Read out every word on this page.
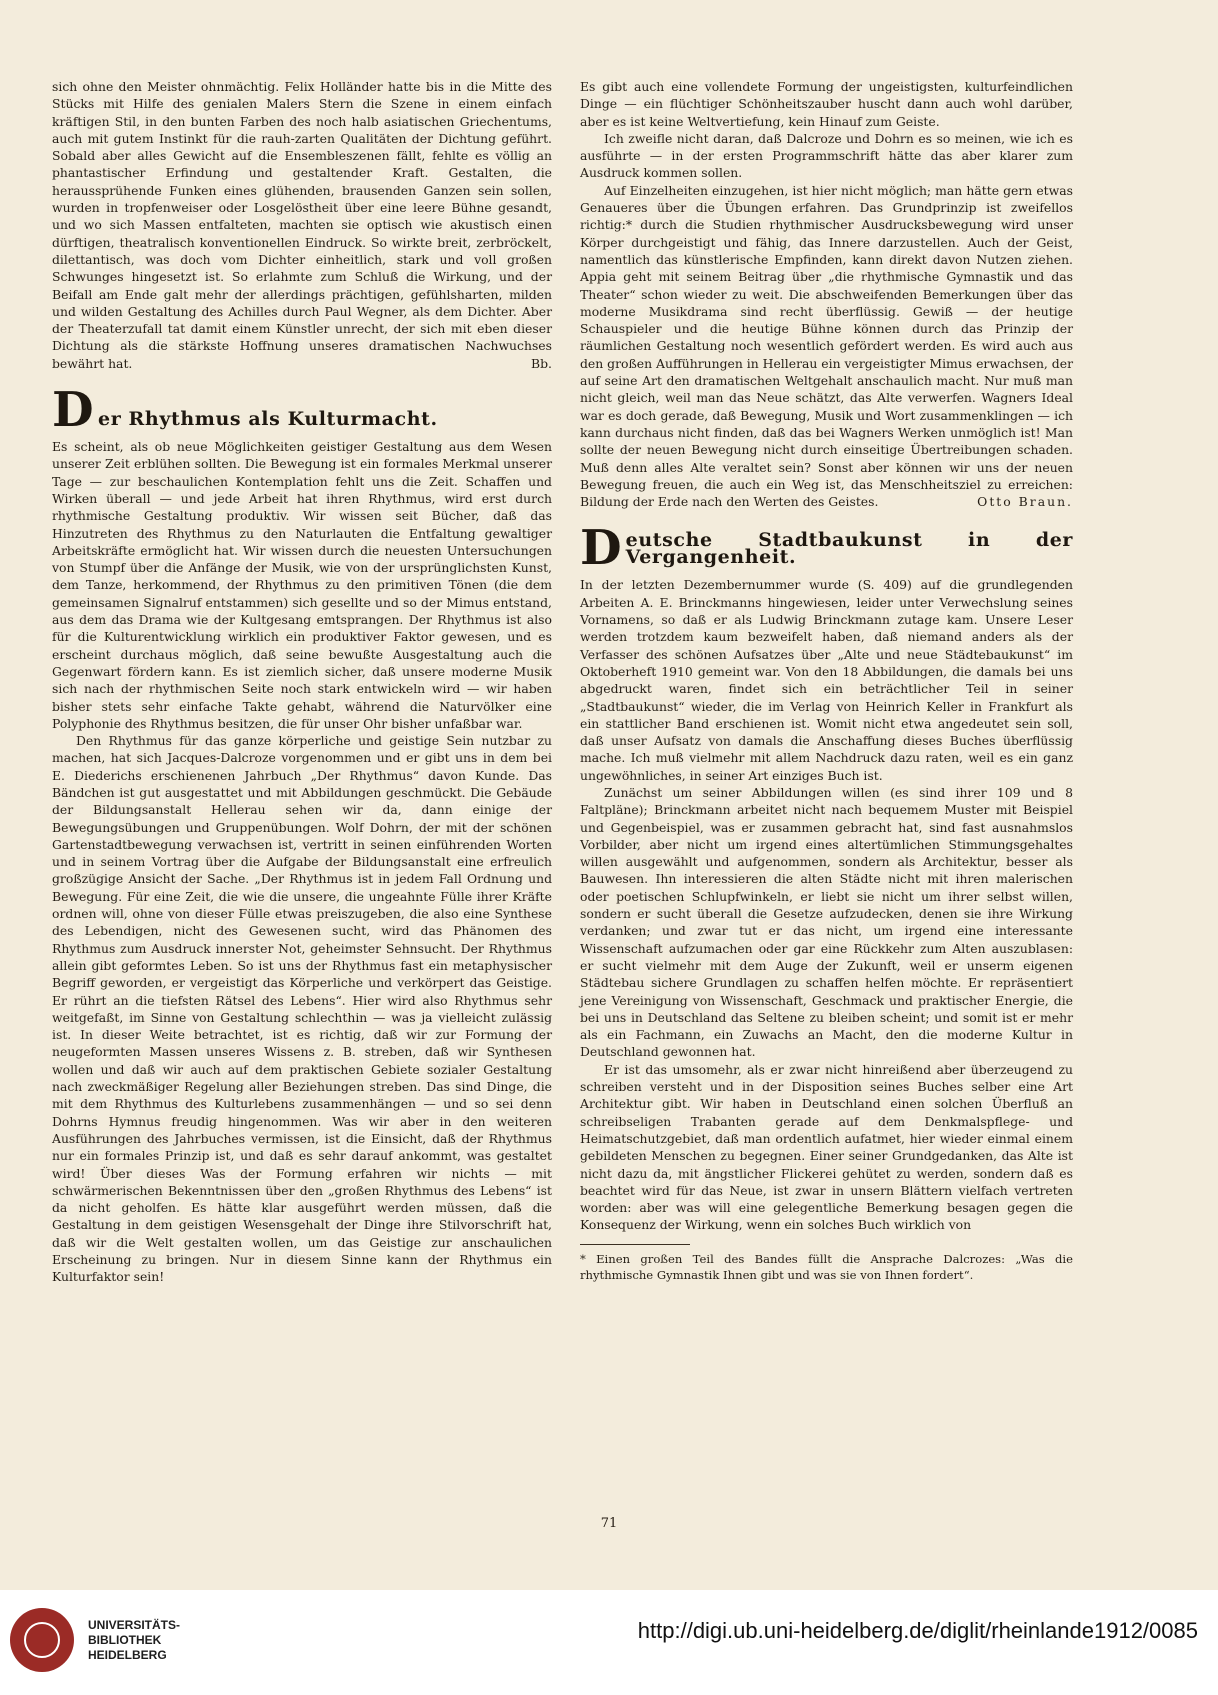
sich ohne den Meister ohnmächtig. Felix Holländer hatte bis in die Mitte des Stücks mit Hilfe des genialen Malers Stern die Szene in einem einfach kräftigen Stil, in den bunten Farben des noch halb asiatischen Griechentums, auch mit gutem Instinkt für die rauh-zarten Qualitäten der Dichtung geführt. Sobald aber alles Gewicht auf die Ensembleszenen fällt, fehlte es völlig an phantastischer Erfindung und gestaltender Kraft. Gestalten, die heraussprühende Funken eines glühenden, brausenden Ganzen sein sollen, wurden in tropfenweiser oder Losgelöstheit über eine leere Bühne gesandt, und wo sich Massen entfalteten, machten sie optisch wie akustisch einen dürftigen, theatralisch konventionellen Eindruck. So wirkte breit, zerbröckelt, dilettantisch, was doch vom Dichter einheitlich, stark und voll großen Schwunges hingesetzt ist. So erlahmte zum Schluß die Wirkung, und der Beifall am Ende galt mehr der allerdings prächtigen, gefühlsharten, milden und wilden Gestaltung des Achilles durch Paul Wegner, als dem Dichter. Aber der Theaterzufall tat damit einem Künstler unrecht, der sich mit eben dieser Dichtung als die stärkste Hoffnung unseres dramatischen Nachwuchses bewährt hat.	Bb.

D er Rhythmus als Kulturmacht.

Es scheint, als ob neue Möglichkeiten geistiger Gestaltung aus dem Wesen unserer Zeit erblühen sollten. Die Bewegung ist ein formales Merkmal unserer Tage — zur beschaulichen Kontemplation fehlt uns die Zeit. Schaffen und Wirken überall — und jede Arbeit hat ihren Rhythmus, wird erst durch rhythmische Gestaltung produktiv. Wir wissen seit Bücher, daß das Hinzutreten des Rhythmus zu den Naturlauten die Entfaltung gewaltiger Arbeitskräfte ermöglicht hat. Wir wissen durch die neuesten Untersuchungen von Stumpf über die Anfänge der Musik, wie von der ursprünglichsten Kunst, dem Tanze, herkommend, der Rhythmus zu den primitiven Tönen (die dem gemeinsamen Signalruf entstammen) sich gesellte und so der Mimus entstand, aus dem das Drama wie der Kultgesang emtsprangen. Der Rhythmus ist also für die Kulturentwicklung wirklich ein produktiver Faktor gewesen, und es erscheint durchaus möglich, daß seine bewußte Ausgestaltung auch die Gegenwart fördern kann. Es ist ziemlich sicher, daß unsere moderne Musik sich nach der rhythmischen Seite noch stark entwickeln wird — wir haben bisher stets sehr einfache Takte gehabt, während die Naturvölker eine Polyphonie des Rhythmus besitzen, die für unser Ohr bisher unfaßbar war.

Den Rhythmus für das ganze körperliche und geistige Sein nutzbar zu machen, hat sich Jacques-Dalcroze vorgenommen und er gibt uns in dem bei E. Diederichs erschienenen Jahrbuch „Der Rhythmus“ davon Kunde. Das Bändchen ist gut ausgestattet und mit Abbildungen geschmückt. Die Gebäude der Bildungsanstalt Hellerau sehen wir da, dann einige der Bewegungsübungen und Gruppenübungen. Wolf Dohrn, der mit der schönen Gartenstadtbewegung verwachsen ist, vertritt in seinen einführenden Worten und in seinem Vortrag über die Aufgabe der Bildungsanstalt eine erfreulich großzügige Ansicht der Sache. „Der Rhythmus ist in jedem Fall Ordnung und Bewegung. Für eine Zeit, die wie die unsere, die ungeahnte Fülle ihrer Kräfte ordnen will, ohne von dieser Fülle etwas preiszugeben, die also eine Synthese des Lebendigen, nicht des Gewesenen sucht, wird das Phänomen des Rhythmus zum Ausdruck innerster Not, geheimster Sehnsucht. Der Rhythmus allein gibt geformtes Leben. So ist uns der Rhythmus fast ein metaphysischer Begriff geworden, er vergeistigt das Körperliche und verkörpert das Geistige. Er rührt an die tiefsten Rätsel des Lebens“. Hier wird also Rhythmus sehr weitgefaßt, im Sinne von Gestaltung schlechthin — was ja vielleicht zulässig ist. In dieser Weite betrachtet, ist es richtig, daß wir zur Formung der neugeformten Massen unseres Wissens z. B. streben, daß wir Synthesen wollen und daß wir auch auf dem praktischen Gebiete sozialer Gestaltung nach zweckmäßiger Regelung aller Beziehungen streben. Das sind Dinge, die mit dem Rhythmus des Kulturlebens zusammenhängen — und so sei denn Dohrns Hymnus freudig hingenommen. Was wir aber in den weiteren Ausführungen des Jahrbuches vermissen, ist die Einsicht, daß der Rhythmus nur ein formales Prinzip ist, und daß es sehr darauf ankommt, was gestaltet wird! Über dieses Was der Formung erfahren wir nichts — mit schwärmerischen Bekenntnissen über den „großen Rhythmus des Lebens“ ist da nicht geholfen. Es hätte klar ausgeführt werden müssen, daß die Gestaltung in dem geistigen Wesensgehalt der Dinge ihre Stilvorschrift hat, daß wir die Welt gestalten wollen, um das Geistige zur anschaulichen Erscheinung zu bringen. Nur in diesem Sinne kann der Rhythmus ein Kulturfaktor sein!

Es gibt auch eine vollendete Formung der ungeistigsten, kulturfeindlichen Dinge — ein flüchtiger Schönheitszauber huscht dann auch wohl darüber, aber es ist keine Weltvertiefung, kein Hinauf zum Geiste.

Ich zweifle nicht daran, daß Dalcroze und Dohrn es so meinen, wie ich es ausführte — in der ersten Programmschrift hätte das aber klarer zum Ausdruck kommen sollen.

Auf Einzelheiten einzugehen, ist hier nicht möglich; man hätte gern etwas Genaueres über die Übungen erfahren. Das Grundprinzip ist zweifellos richtig:* durch die Studien rhythmischer Ausdrucksbewegung wird unser Körper durchgeistigt und fähig, das Innere darzustellen. Auch der Geist, namentlich das künstlerische Empfinden, kann direkt davon Nutzen ziehen. Appia geht mit seinem Beitrag über „die rhythmische Gymnastik und das Theater“ schon wieder zu weit. Die abschweifenden Bemerkungen über das moderne Musikdrama sind recht überflüssig. Gewiß — der heutige Schauspieler und die heutige Bühne können durch das Prinzip der räumlichen Gestaltung noch wesentlich gefördert werden. Es wird auch aus den großen Aufführungen in Hellerau ein vergeistigter Mimus erwachsen, der auf seine Art den dramatischen Weltgehalt anschaulich macht. Nur muß man nicht gleich, weil man das Neue schätzt, das Alte verwerfen. Wagners Ideal war es doch gerade, daß Bewegung, Musik und Wort zusammenklingen — ich kann durchaus nicht finden, daß das bei Wagners Werken unmöglich ist! Man sollte der neuen Bewegung nicht durch einseitige Übertreibungen schaden. Muß denn alles Alte veraltet sein? Sonst aber können wir uns der neuen Bewegung freuen, die auch ein Weg ist, das Menschheitsziel zu erreichen: Bildung der Erde nach den Werten des Geistes.	Otto Braun.

D eutsche Stadtbaukunst in der Vergangenheit.

In der letzten Dezembernummer wurde (S. 409) auf die grundlegenden Arbeiten A. E. Brinckmanns hingewiesen, leider unter Verwechslung seines Vornamens, so daß er als Ludwig Brinckmann zutage kam. Unsere Leser werden trotzdem kaum bezweifelt haben, daß niemand anders als der Verfasser des schönen Aufsatzes über „Alte und neue Städtebaukunst“ im Oktoberheft 1910 gemeint war. Von den 18 Abbildungen, die damals bei uns abgedruckt waren, findet sich ein beträchtlicher Teil in seiner „Stadtbaukunst“ wieder, die im Verlag von Heinrich Keller in Frankfurt als ein stattlicher Band erschienen ist. Womit nicht etwa angedeutet sein soll, daß unser Aufsatz von damals die Anschaffung dieses Buches überflüssig mache. Ich muß vielmehr mit allem Nachdruck dazu raten, weil es ein ganz ungewöhnliches, in seiner Art einziges Buch ist.

Zunächst um seiner Abbildungen willen (es sind ihrer 109 und 8 Faltpläne); Brinckmann arbeitet nicht nach bequemem Muster mit Beispiel und Gegenbeispiel, was er zusammen gebracht hat, sind fast ausnahmslos Vorbilder, aber nicht um irgend eines altertümlichen Stimmungsgehaltes willen ausgewählt und aufgenommen, sondern als Architektur, besser als Bauwesen. Ihn interessieren die alten Städte nicht mit ihren malerischen oder poetischen Schlupfwinkeln, er liebt sie nicht um ihrer selbst willen, sondern er sucht überall die Gesetze aufzudecken, denen sie ihre Wirkung verdanken; und zwar tut er das nicht, um irgend eine interessante Wissenschaft aufzumachen oder gar eine Rückkehr zum Alten auszublasen: er sucht vielmehr mit dem Auge der Zukunft, weil er unserm eigenen Städtebau sichere Grundlagen zu schaffen helfen möchte. Er repräsentiert jene Vereinigung von Wissenschaft, Geschmack und praktischer Energie, die bei uns in Deutschland das Seltene zu bleiben scheint; und somit ist er mehr als ein Fachmann, ein Zuwachs an Macht, den die moderne Kultur in Deutschland gewonnen hat.

Er ist das umsomehr, als er zwar nicht hinreißend aber überzeugend zu schreiben versteht und in der Disposition seines Buches selber eine Art Architektur gibt. Wir haben in Deutschland einen solchen Überfluß an schreibseligen Trabanten gerade auf dem Denkmalspflege- und Heimatschutzgebiet, daß man ordentlich aufatmet, hier wieder einmal einem gebildeten Menschen zu begegnen. Einer seiner Grundgedanken, das Alte ist nicht dazu da, mit ängstlicher Flickerei gehütet zu werden, sondern daß es beachtet wird für das Neue, ist zwar in unsern Blättern vielfach vertreten worden: aber was will eine gelegentliche Bemerkung besagen gegen die Konsequenz der Wirkung, wenn ein solches Buch wirklich von

* Einen großen Teil des Bandes füllt die Ansprache Dalcrozes: „Was die rhythmische Gymnastik Ihnen gibt und was sie von Ihnen fordert“.

71
UNIVERSITÄTS-
BIBLIOTHEK
HEIDELBERG
http://digi.ub.uni-heidelberg.de/diglit/rheinlande1912/0085
